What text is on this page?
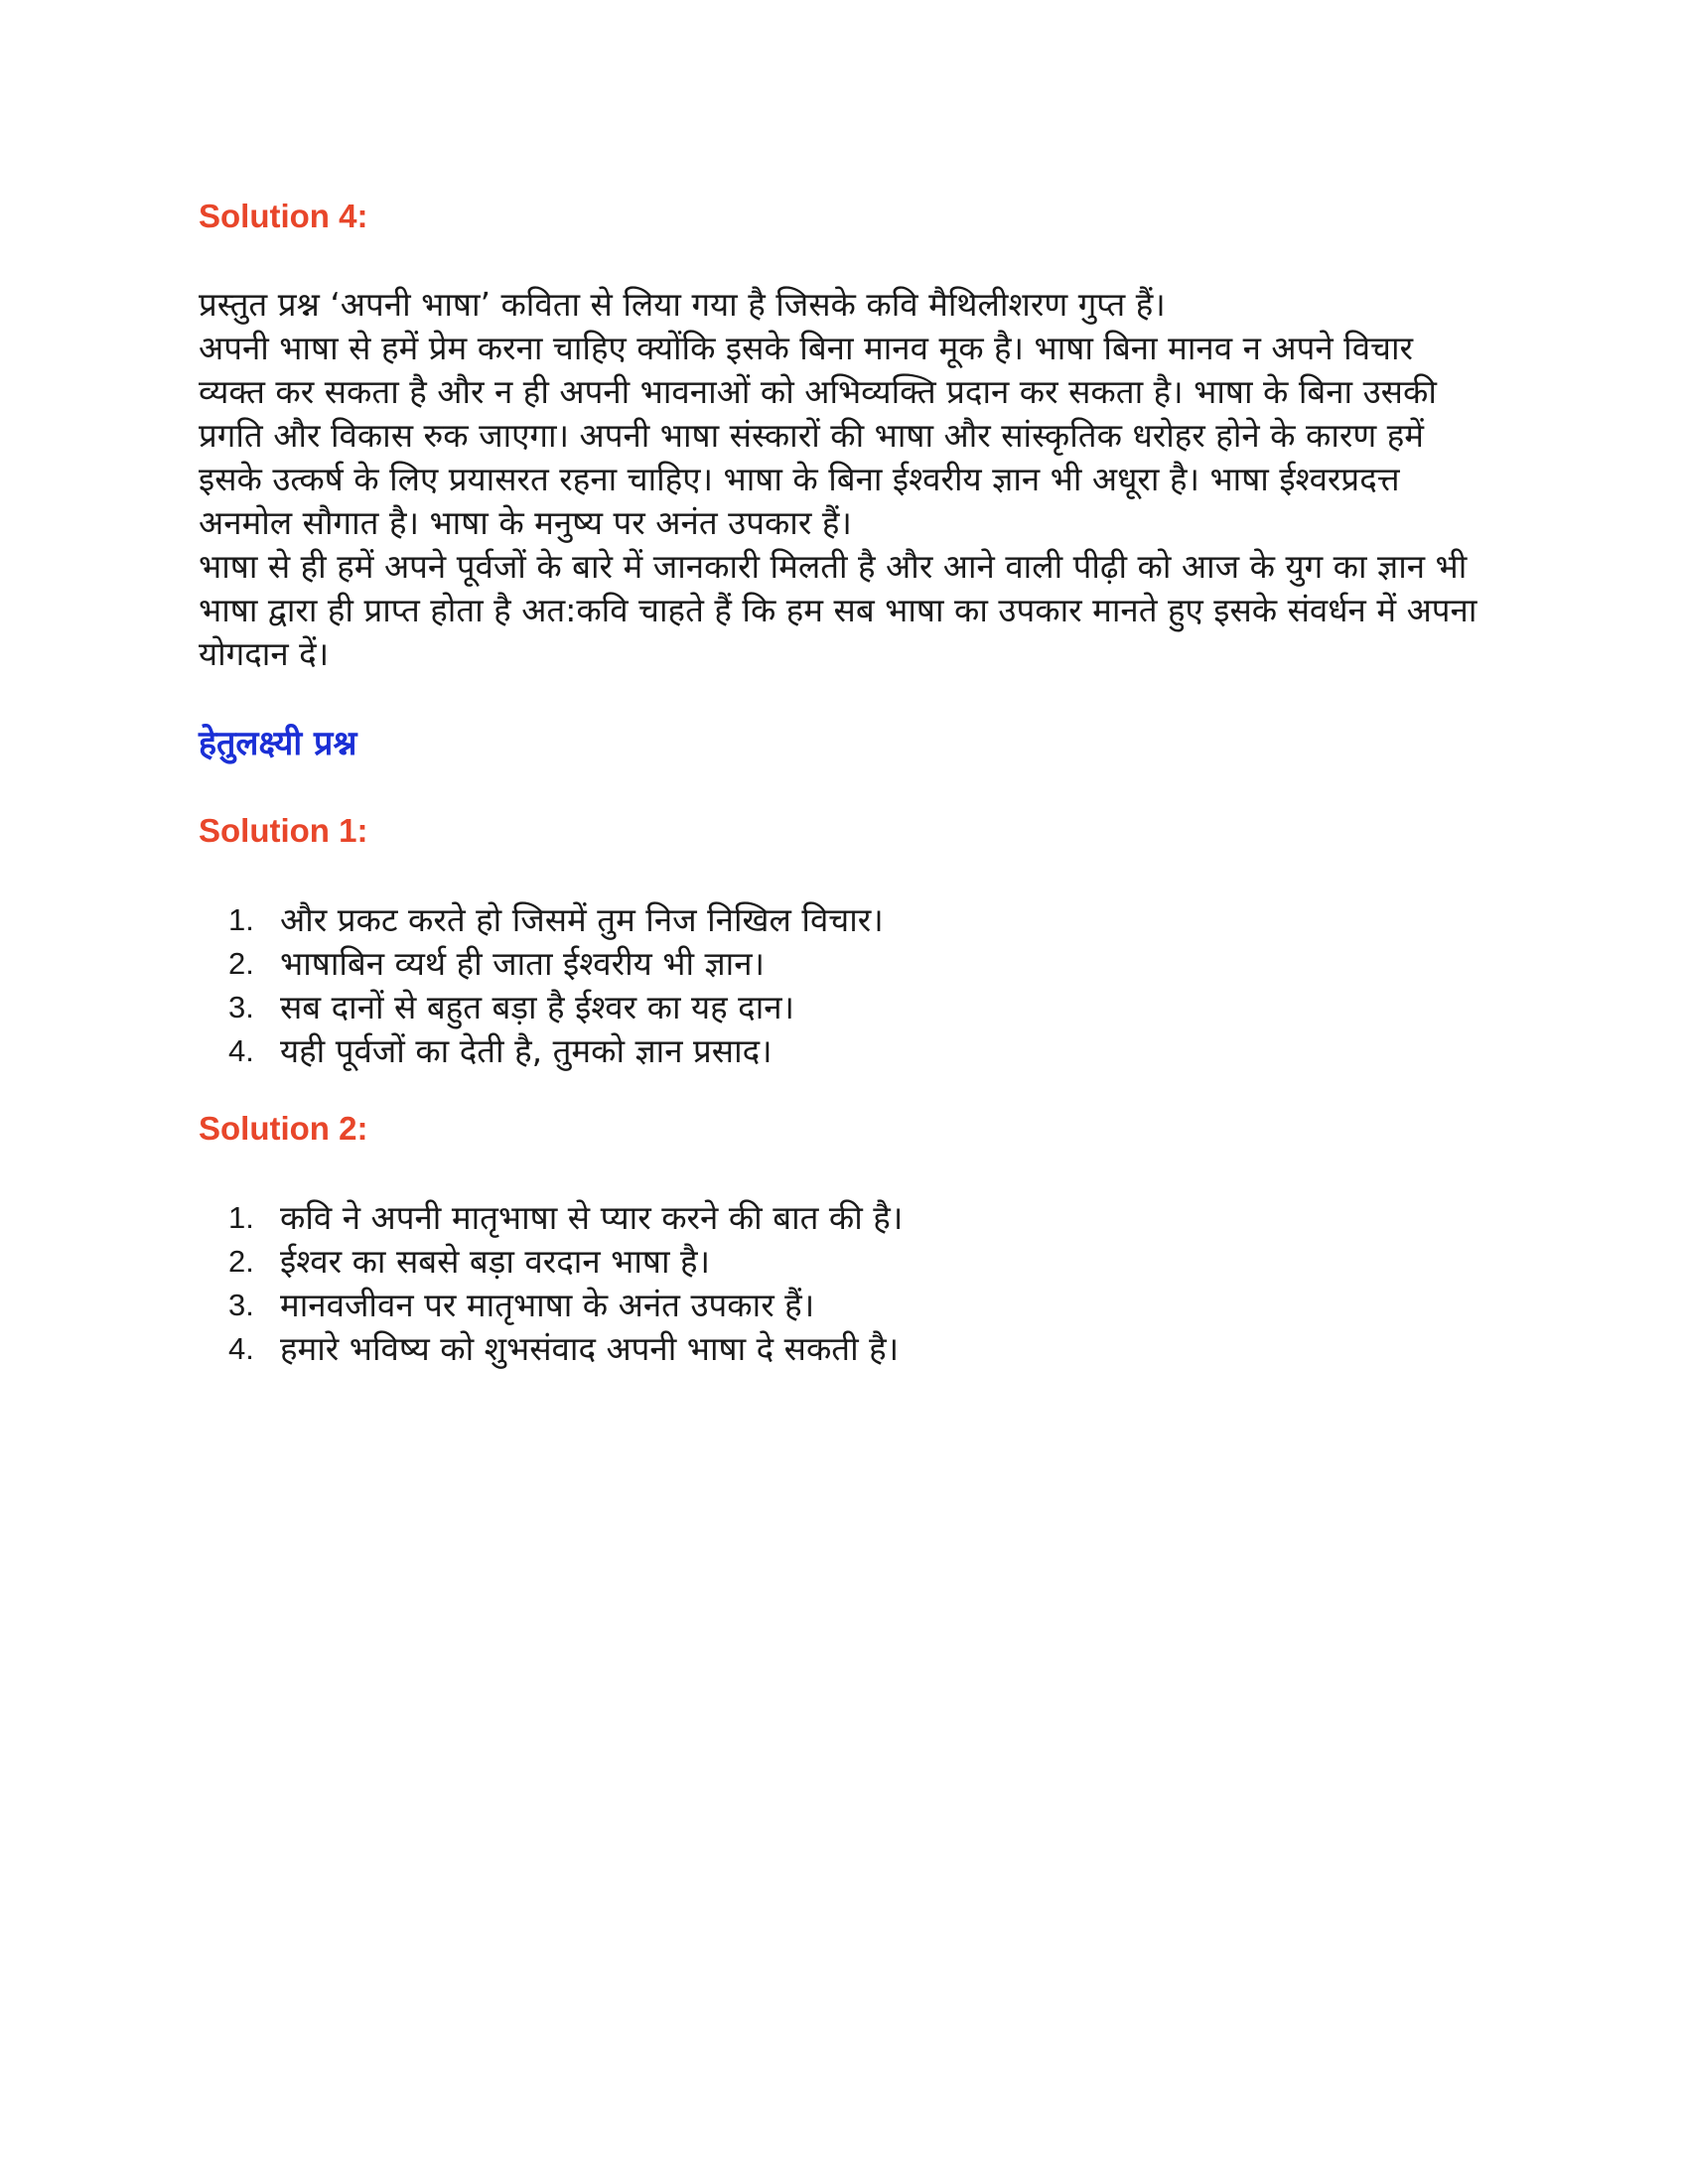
Solution 4:

प्रस्तुत प्रश्न ‘अपनी भाषा’ कविता से लिया गया है जिसके कवि मैथिलीशरण गुप्त हैं।

अपनी भाषा से हमें प्रेम करना चाहिए क्योंकि इसके बिना मानव मूक है। भाषा बिना मानव न अपने विचार व्यक्त कर सकता है और न ही अपनी भावनाओं को अभिव्यक्ति प्रदान कर सकता है। भाषा के बिना उसकी प्रगति और विकास रुक जाएगा। अपनी भाषा संस्कारों की भाषा और सांस्कृतिक धरोहर होने के कारण हमें इसके उत्कर्ष के लिए प्रयासरत रहना चाहिए। भाषा के बिना ईश्वरीय ज्ञान भी अधूरा है। भाषा ईश्वरप्रदत्त अनमोल सौगात है। भाषा के मनुष्य पर अनंत उपकार हैं।

भाषा से ही हमें अपने पूर्वजों के बारे में जानकारी मिलती है और आने वाली पीढ़ी को आज के युग का ज्ञान भी भाषा द्वारा ही प्राप्त होता है अत:कवि चाहते हैं कि हम सब भाषा का उपकार मानते हुए इसके संवर्धन में अपना योगदान दें।

हेतुलक्ष्यी प्रश्न
Solution 1:
1. और प्रकट करते हो जिसमें तुम निज निखिल विचार।
2. भाषाबिन व्यर्थ ही जाता ईश्वरीय भी ज्ञान।
3. सब दानों से बहुत बड़ा है ईश्वर का यह दान।
4. यही पूर्वजों का देती है, तुमको ज्ञान प्रसाद।
Solution 2:
1. कवि ने अपनी मातृभाषा से प्यार करने की बात की है।
2. ईश्वर का सबसे बड़ा वरदान भाषा है।
3. मानवजीवन पर मातृभाषा के अनंत उपकार हैं।
4. हमारे भविष्य को शुभसंवाद अपनी भाषा दे सकती है।
